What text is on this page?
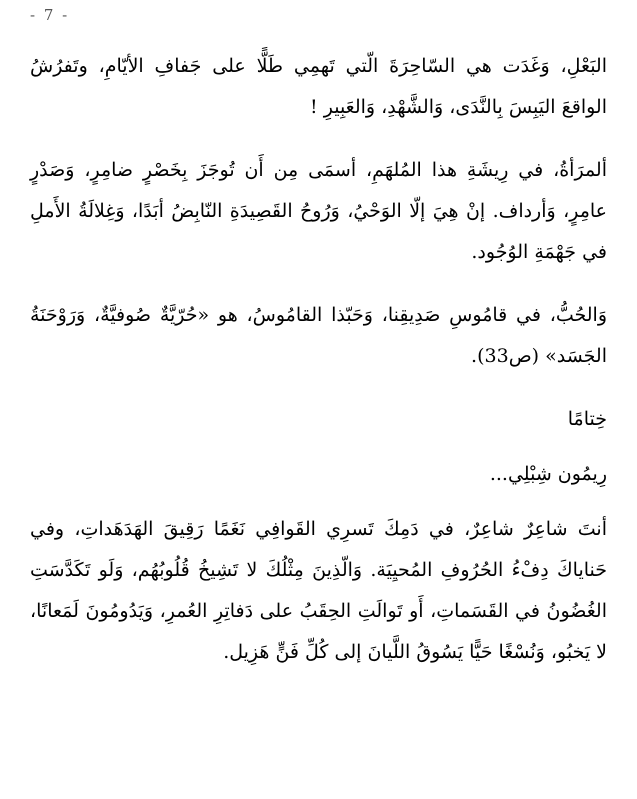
- 7 -

البَعْلِ، وَغَدَت هي السّاحِرَةَ الّتي تَهمِي طَلًّا على جَفافِ الأيّامِ، وتَفرُشُ الواقعَ اليَبِسَ بِالنَّدَى، وَالشَّهْدِ، وَالعَبِيرِ !

ألمرَأةُ، في رِيشَةِ هذا المُلهَمِ، أسمَى مِن أَن تُوجَزَ بِخَصْرٍ ضامِرٍ، وَصَدْرٍ عامِرٍ، وَأرداف. إنْ هِيَ إلّا الوَحْيُ، وَرُوحُ القَصِيدَةِ النّابِضُ أبَدًا، وَغِلالَةُ الأَملِ في جَهْمَةِ الوُجُود.

وَالحُبُّ، في قامُوسِ صَدِيقِنا، وَحَبّذا القامُوسُ، هو «حُرّيَّةٌ صُوفيَّةٌ، وَرَوْحَنَةُ الجَسَد» (ص33).

خِتامًا

رِيمُون شِبْلِي...

أنتَ شاعِرٌ شاعِرٌ، في دَمِكَ تَسرِي القَوافِي نَغَمًا رَقِيقَ الهَدَهَداتِ، وفي حَناياكَ دِفْءُ الحُرُوفِ المُحيِيَة. وَالّذِينَ مِثْلُكَ لا تَشِيخُ قُلُوبُهُم، وَلَو تَكَدَّسَتِ الغُضُونُ في القَسَماتِ، أَو تَوالَتِ الحِقَبُ على دَفاتِرِ العُمرِ، وَيَدُومُونَ لَمَعانًا، لا يَخبُو، وَنُسْغًا حَيًّا يَسُوقُ اللَّيانَ إلى كُلِّ فَنٍّ هَزِيل.
